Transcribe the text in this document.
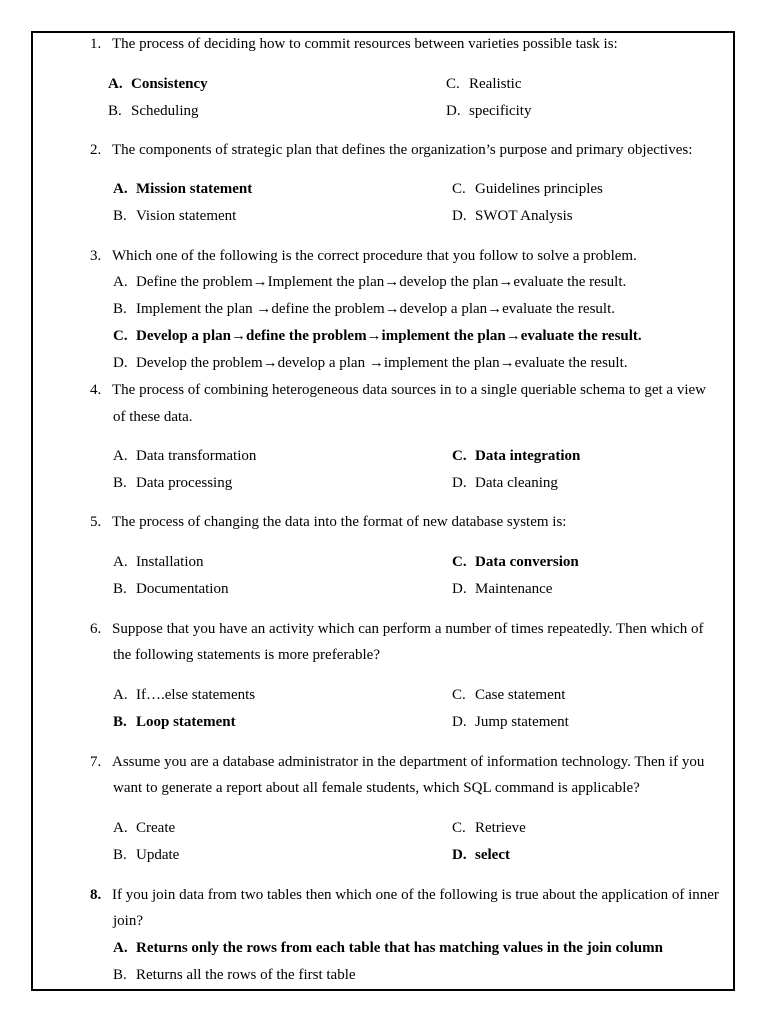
1. The process of deciding how to commit resources between varieties possible task is:
A. Consistency
B. Scheduling
C. Realistic
D. specificity
2. The components of strategic plan that defines the organization’s purpose and primary objectives:
A. Mission statement
B. Vision statement
C. Guidelines principles
D. SWOT Analysis
3. Which one of the following is the correct procedure that you follow to solve a problem.
A. Define the problem→Implement the plan→develop the plan→evaluate the result.
B. Implement the plan →define the problem→develop a plan→evaluate the result.
C. Develop a plan→define the problem→implement the plan→evaluate the result.
D. Develop the problem→develop a plan →implement the plan→evaluate the result.
4. The process of combining heterogeneous data sources in to a single queriable schema to get a view
of these data.
A. Data transformation
B. Data processing
C. Data integration
D. Data cleaning
5. The process of changing the data into the format of new database system is:
A. Installation
B. Documentation
C. Data conversion
D. Maintenance
6. Suppose that you have an activity which can perform a number of times repeatedly. Then which of
the following statements is more preferable?
A. If….else statements
B. Loop statement
C. Case statement
D. Jump statement
7. Assume you are a database administrator in the department of information technology. Then if you
want to generate a report about all female students, which SQL command is applicable?
A. Create
B. Update
C. Retrieve
D. select
8. If you join data from two tables then which one of the following is true about the application of inner
join?
A. Returns only the rows from each table that has matching values in the join column
B. Returns all the rows of the first table
